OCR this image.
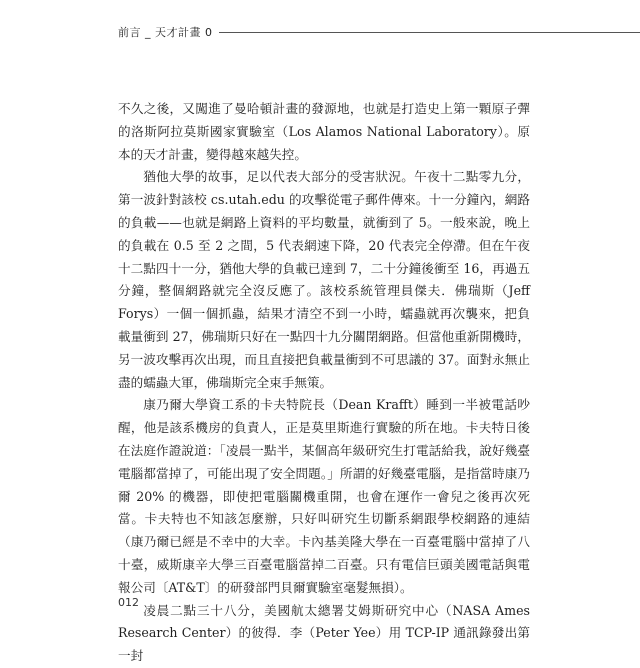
前言 _ 天才計畫 0

不久之後，又闖進了曼哈頓計畫的發源地，也就是打造史上第一顆原子彈的洛斯阿拉莫斯國家實驗室（Los Alamos National Laboratory）。原本的天才計畫，變得越來越失控。

猶他大學的故事，足以代表大部分的受害狀況。午夜十二點零九分，第一波針對該校 cs.utah.edu 的攻擊從電子郵件傳來。十一分鐘內，網路的負載——也就是網路上資料的平均數量，就衝到了 5。一般來說，晚上的負載在 0.5 至 2 之間，5 代表網速下降，20 代表完全停滯。但在午夜十二點四十一分，猶他大學的負載已達到 7，二十分鐘後衝至 16，再過五分鐘，整個網路就完全沒反應了。該校系統管理員傑夫．佛瑞斯（Jeff Forys）一個一個抓蟲，結果才清空不到一小時，蠕蟲就再次襲來，把負載量衝到 27，佛瑞斯只好在一點四十九分關閉網路。但當他重新開機時，另一波攻擊再次出現，而且直接把負載量衝到不可思議的 37。面對永無止盡的蠕蟲大軍，佛瑞斯完全束手無策。

康乃爾大學資工系的卡夫特院長（Dean Krafft）睡到一半被電話吵醒，他是該系機房的負責人，正是莫里斯進行實驗的所在地。卡夫特日後在法庭作證說道：「凌晨一點半，某個高年級研究生打電話給我，說好幾臺電腦都當掉了，可能出現了安全問題。」所謂的好幾臺電腦，是指當時康乃爾 20% 的機器，即使把電腦關機重開，也會在運作一會兒之後再次死當。卡夫特也不知該怎麼辦，只好叫研究生切斷系網跟學校網路的連結（康乃爾已經是不幸中的大幸。卡內基美隆大學在一百臺電腦中當掉了八十臺，威斯康辛大學三百臺電腦當掉二百臺。只有電信巨頭美國電話與電報公司〔AT&T〕的研發部門貝爾實驗室毫髮無損）。

凌晨二點三十八分，美國航太總署艾姆斯研究中心（NASA Ames Research Center）的彼得．李（Peter Yee）用 TCP-IP 通訊錄發出第一封

012
